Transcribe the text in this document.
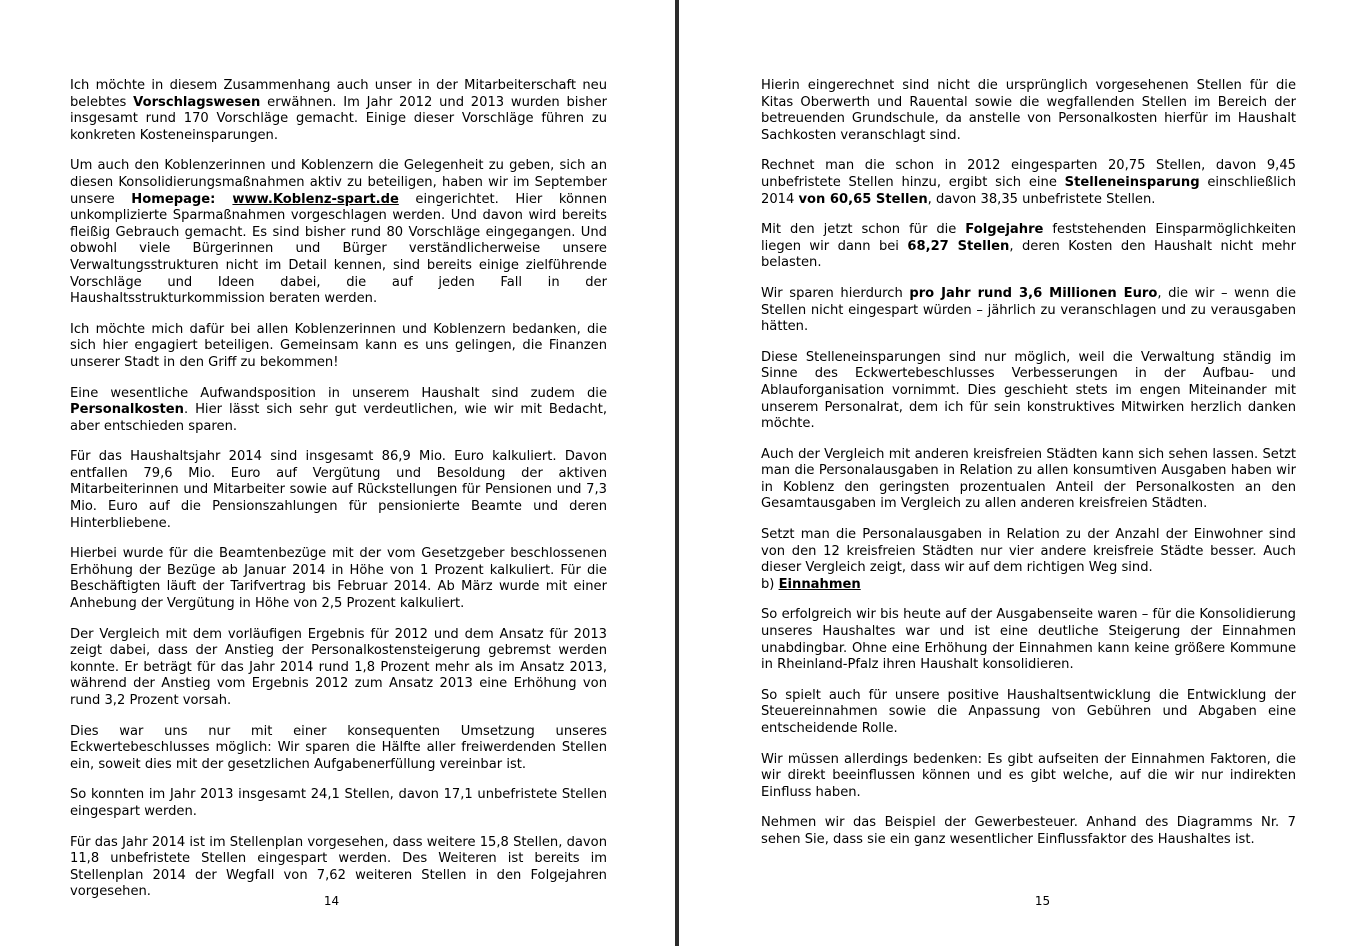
Ich möchte in diesem Zusammenhang auch unser in der Mitarbeiterschaft neu belebtes Vorschlagswesen erwähnen. Im Jahr 2012 und 2013 wurden bisher insgesamt rund 170 Vorschläge gemacht. Einige dieser Vorschläge führen zu konkreten Kosteneinsparungen.

Um auch den Koblenzerinnen und Koblenzern die Gelegenheit zu geben, sich an diesen Konsolidierungsmaßnahmen aktiv zu beteiligen, haben wir im September unsere Homepage: www.Koblenz-spart.de eingerichtet. Hier können unkomplizierte Sparmaßnahmen vorgeschlagen werden. Und davon wird bereits fleißig Gebrauch gemacht. Es sind bisher rund 80 Vorschläge eingegangen. Und obwohl viele Bürgerinnen und Bürger verständlicherweise unsere Verwaltungsstrukturen nicht im Detail kennen, sind bereits einige zielführende Vorschläge und Ideen dabei, die auf jeden Fall in der Haushaltsstrukturkommission beraten werden.

Ich möchte mich dafür bei allen Koblenzerinnen und Koblenzern bedanken, die sich hier engagiert beteiligen. Gemeinsam kann es uns gelingen, die Finanzen unserer Stadt in den Griff zu bekommen!

Eine wesentliche Aufwandsposition in unserem Haushalt sind zudem die Personalkosten. Hier lässt sich sehr gut verdeutlichen, wie wir mit Bedacht, aber entschieden sparen.

Für das Haushaltsjahr 2014 sind insgesamt 86,9 Mio. Euro kalkuliert. Davon entfallen 79,6 Mio. Euro auf Vergütung und Besoldung der aktiven Mitarbeiterinnen und Mitarbeiter sowie auf Rückstellungen für Pensionen und 7,3 Mio. Euro auf die Pensionszahlungen für pensionierte Beamte und deren Hinterbliebene.

Hierbei wurde für die Beamtenbezüge mit der vom Gesetzgeber beschlossenen Erhöhung der Bezüge ab Januar 2014 in Höhe von 1 Prozent kalkuliert. Für die Beschäftigten läuft der Tarifvertrag bis Februar 2014. Ab März wurde mit einer Anhebung der Vergütung in Höhe von 2,5 Prozent kalkuliert.

Der Vergleich mit dem vorläufigen Ergebnis für 2012 und dem Ansatz für 2013 zeigt dabei, dass der Anstieg der Personalkostensteigerung gebremst werden konnte. Er beträgt für das Jahr 2014 rund 1,8 Prozent mehr als im Ansatz 2013, während der Anstieg vom Ergebnis 2012 zum Ansatz 2013 eine Erhöhung von rund 3,2 Prozent vorsah.

Dies war uns nur mit einer konsequenten Umsetzung unseres Eckwertebeschlusses möglich: Wir sparen die Hälfte aller freiwerdenden Stellen ein, soweit dies mit der gesetzlichen Aufgabenerfüllung vereinbar ist.

So konnten im Jahr 2013 insgesamt 24,1 Stellen, davon 17,1 unbefristete Stellen eingespart werden.

Für das Jahr 2014 ist im Stellenplan vorgesehen, dass weitere 15,8 Stellen, davon 11,8 unbefristete Stellen eingespart werden. Des Weiteren ist bereits im Stellenplan 2014 der Wegfall von 7,62 weiteren Stellen in den Folgejahren vorgesehen.

14

Hierin eingerechnet sind nicht die ursprünglich vorgesehenen Stellen für die Kitas Oberwerth und Rauental sowie die wegfallenden Stellen im Bereich der betreuenden Grundschule, da anstelle von Personalkosten hierfür im Haushalt Sachkosten veranschlagt sind.

Rechnet man die schon in 2012 eingesparten 20,75 Stellen, davon 9,45 unbefristete Stellen hinzu, ergibt sich eine Stelleneinsparung einschließlich 2014 von 60,65 Stellen, davon 38,35 unbefristete Stellen.

Mit den jetzt schon für die Folgejahre feststehenden Einsparmöglichkeiten liegen wir dann bei 68,27 Stellen, deren Kosten den Haushalt nicht mehr belasten.

Wir sparen hierdurch pro Jahr rund 3,6 Millionen Euro, die wir – wenn die Stellen nicht eingespart würden – jährlich zu veranschlagen und zu verausgaben hätten.

Diese Stelleneinsparungen sind nur möglich, weil die Verwaltung ständig im Sinne des Eckwertebeschlusses Verbesserungen in der Aufbau- und Ablauforganisation vornimmt. Dies geschieht stets im engen Miteinander mit unserem Personalrat, dem ich für sein konstruktives Mitwirken herzlich danken möchte.

Auch der Vergleich mit anderen kreisfreien Städten kann sich sehen lassen. Setzt man die Personalausgaben in Relation zu allen konsumtiven Ausgaben haben wir in Koblenz den geringsten prozentualen Anteil der Personalkosten an den Gesamtausgaben im Vergleich zu allen anderen kreisfreien Städten.

Setzt man die Personalausgaben in Relation zu der Anzahl der Einwohner sind von den 12 kreisfreien Städten nur vier andere kreisfreie Städte besser. Auch dieser Vergleich zeigt, dass wir auf dem richtigen Weg sind.

b) Einnahmen

So erfolgreich wir bis heute auf der Ausgabenseite waren – für die Konsolidierung unseres Haushaltes war und ist eine deutliche Steigerung der Einnahmen unabdingbar. Ohne eine Erhöhung der Einnahmen kann keine größere Kommune in Rheinland-Pfalz ihren Haushalt konsolidieren.

So spielt auch für unsere positive Haushaltsentwicklung die Entwicklung der Steuereinnahmen sowie die Anpassung von Gebühren und Abgaben eine entscheidende Rolle.

Wir müssen allerdings bedenken: Es gibt aufseiten der Einnahmen Faktoren, die wir direkt beeinflussen können und es gibt welche, auf die wir nur indirekten Einfluss haben.

Nehmen wir das Beispiel der Gewerbesteuer. Anhand des Diagramms Nr. 7 sehen Sie, dass sie ein ganz wesentlicher Einflussfaktor des Haushaltes ist.

15
